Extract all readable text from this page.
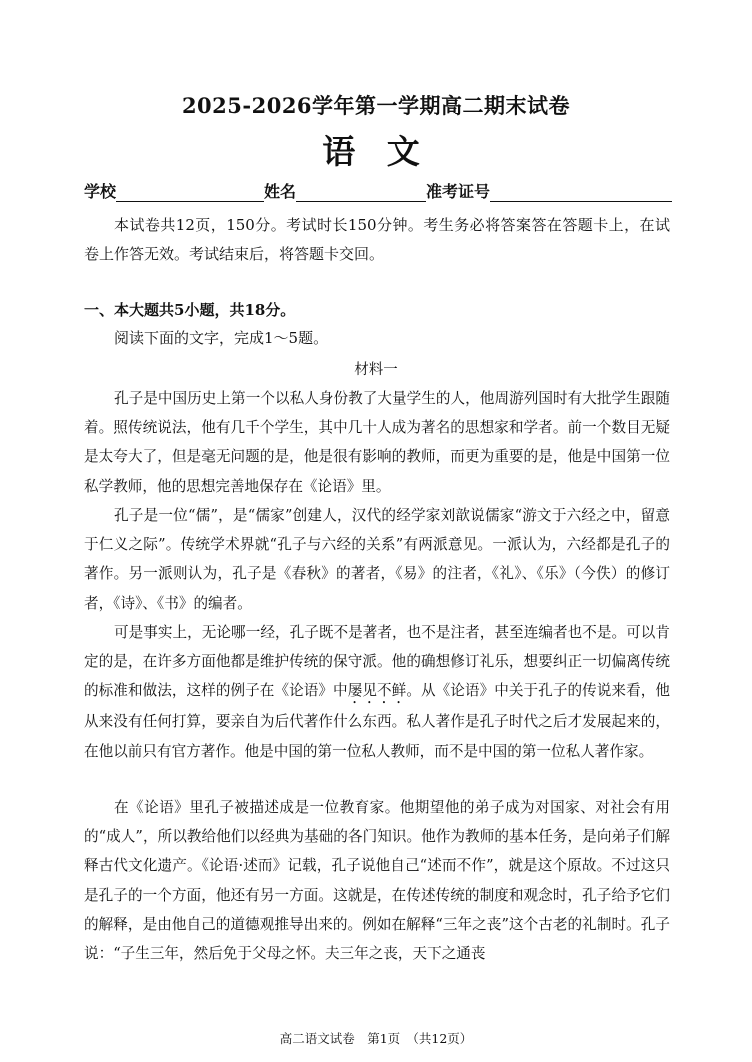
2025-2026学年第一学期高二期末试卷
语 文
学校	姓名	准考证号

本试卷共12页，150分。考试时长150分钟。考生务必将答案答在答题卡上，在试卷上作答无效。考试结束后，将答题卡交回。

一、本大题共5小题，共18分。

阅读下面的文字，完成1～5题。

材料一

孔子是中国历史上第一个以私人身份教了大量学生的人，他周游列国时有大批学生跟随着。照传统说法，他有几千个学生，其中几十人成为著名的思想家和学者。前一个数目无疑是太夸大了，但是毫无问题的是，他是很有影响的教师，而更为重要的是，他是中国第一位私学教师，他的思想完善地保存在《论语》里。

孔子是一位“儒”，是“儒家”创建人，汉代的经学家刘歆说儒家“游文于六经之中，留意于仁义之际”。传统学术界就“孔子与六经的关系”有两派意见。一派认为，六经都是孔子的著作。另一派则认为，孔子是《春秋》的著者，《易》的注者，《礼》、《乐》（今佚）的修订者，《诗》、《书》的编者。

可是事实上，无论哪一经，孔子既不是著者，也不是注者，甚至连编者也不是。可以肯定的是，在许多方面他都是维护传统的保守派。他的确想修订礼乐，想要纠正一切偏离传统的标准和做法，这样的例子在《论语》中屡见不鲜。从《论语》中关于孔子的传说来看，他从来没有任何打算，要亲自为后代著作什么东西。私人著作是孔子时代之后才发展起来的，在他以前只有官方著作。他是中国的第一位私人教师，而不是中国的第一位私人著作家。

在《论语》里孔子被描述成是一位教育家。他期望他的弟子成为对国家、对社会有用的“成人”，所以教给他们以经典为基础的各门知识。他作为教师的基本任务，是向弟子们解释古代文化遗产。《论语·述而》记载，孔子说他自己“述而不作”，就是这个原故。不过这只是孔子的一个方面，他还有另一方面。这就是，在传述传统的制度和观念时，孔子给予它们的解释，是由他自己的道德观推导出来的。例如在解释“三年之丧”这个古老的礼制时。孔子说：“子生三年，然后免于父母之怀。夫三年之丧，天下之通丧

高二语文试卷　第1页　（共12页）
